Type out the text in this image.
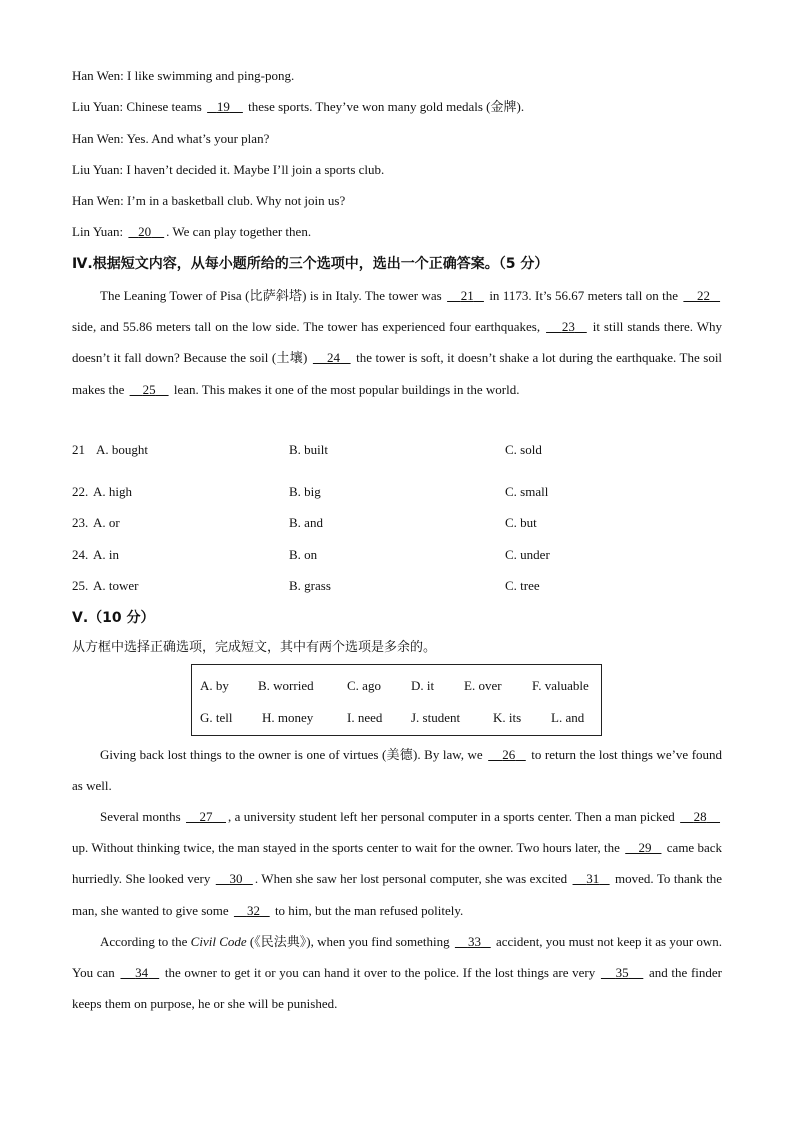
Han Wen: I like swimming and ping-pong.
Liu Yuan: Chinese teams 19 these sports. They’ve won many gold medals (金牌).
Han Wen: Yes. And what’s your plan?
Liu Yuan: I haven’t decided it. Maybe I’ll join a sports club.
Han Wen: I’m in a basketball club. Why not join us?
Lin Yuan: 20 . We can play together then.
Ⅳ.根据短文内容，从每小题所给的三个选项中，选出一个正确答案。（5 分）
The Leaning Tower of Pisa (比萨斜塔) is in Italy. The tower was 21 in 1173. It’s 56.67 meters tall on the 22    side, and 55.86 meters tall on the low side. The tower has experienced four earthquakes, 23 it still stands there. Why doesn’t it fall down? Because the soil (土壤) 24 the tower is soft, it doesn’t shake a lot during the earthquake. The soil makes the 25 lean. This makes it one of the most popular buildings in the world.
21 A. bought	B. built	C. sold
22. A. high	B. big	C. small
23. A. or	B. and	C. but
24. A. in	B. on	C. under
25. A. tower	B. grass	C. tree
Ⅴ.（10 分）
从方框中选择正确选项，完成短文，其中有两个选项是多余的。
A. by B. worried	C. ago D. it E. over F. valuable
G. tell H. money	I. need J. student	K. its L. and
Giving back lost things to the owner is one of virtues (美德). By law, we 26 to return the lost things we’ve found as well.
Several months 27 , a university student left her personal computer in a sports center. Then a man picked 28     up. Without thinking twice, the man stayed in the sports center to wait for the owner. Two hours later, the 29 came back hurriedly. She looked very 30 . When she saw her lost personal computer, she was excited 31 moved. To thank the man, she wanted to give some 32 to him, but the man refused politely.
According to the Civil Code (《民法典》), when you find something 33 accident, you must not keep it as your own. You can 34 the owner to get it or you can hand it over to the police. If the lost things are very 35 and the finder keeps them on purpose, he or she will be punished.
